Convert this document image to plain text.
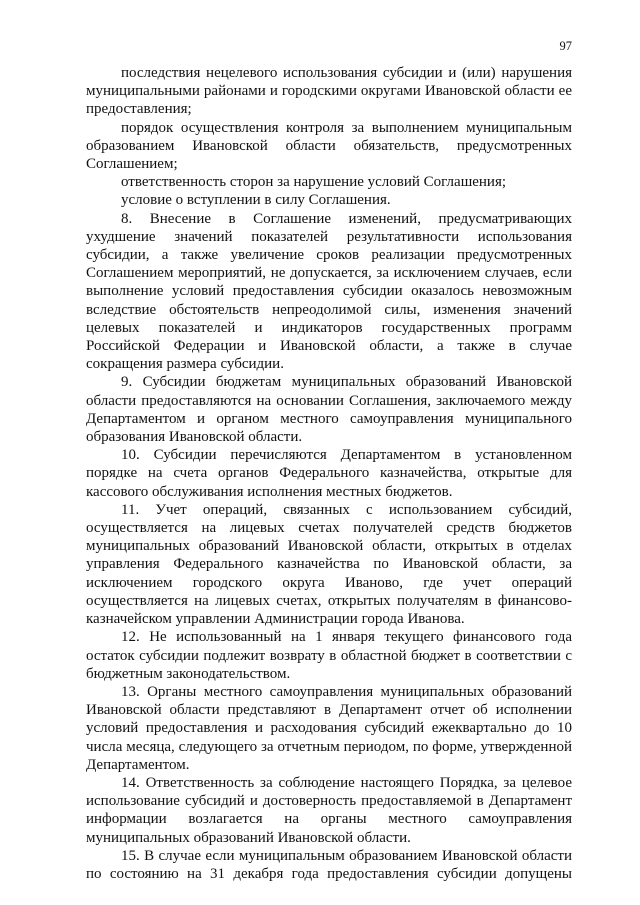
97

последствия нецелевого использования субсидии и (или) нарушения муниципальными районами и городскими округами Ивановской области ее предоставления;

порядок осуществления контроля за выполнением муниципальным образованием Ивановской области обязательств, предусмотренных Соглашением;

ответственность сторон за нарушение условий Соглашения;

условие о вступлении в силу Соглашения.

8. Внесение в Соглашение изменений, предусматривающих ухудшение значений показателей результативности использования субсидии, а также увеличение сроков реализации предусмотренных Соглашением мероприятий, не допускается, за исключением случаев, если выполнение условий предоставления субсидии оказалось невозможным вследствие обстоятельств непреодолимой силы, изменения значений целевых показателей и индикаторов государственных программ Российской Федерации и Ивановской области, а также в случае сокращения размера субсидии.

9. Субсидии бюджетам муниципальных образований Ивановской области предоставляются на основании Соглашения, заключаемого между Департаментом и органом местного самоуправления муниципального образования Ивановской области.

10. Субсидии перечисляются Департаментом в установленном порядке на счета органов Федерального казначейства, открытые для кассового обслуживания исполнения местных бюджетов.

11. Учет операций, связанных с использованием субсидий, осуществляется на лицевых счетах получателей средств бюджетов муниципальных образований Ивановской области, открытых в отделах управления Федерального казначейства по Ивановской области, за исключением городского округа Иваново, где учет операций осуществляется на лицевых счетах, открытых получателям в финансово-казначейском управлении Администрации города Иванова.

12. Не использованный на 1 января текущего финансового года остаток субсидии подлежит возврату в областной бюджет в соответствии с бюджетным законодательством.

13. Органы местного самоуправления муниципальных образований Ивановской области представляют в Департамент отчет об исполнении условий предоставления и расходования субсидий ежеквартально до 10 числа месяца, следующего за отчетным периодом, по форме, утвержденной Департаментом.

14. Ответственность за соблюдение настоящего Порядка, за целевое использование субсидий и достоверность предоставляемой в Департамент информации возлагается на органы местного самоуправления муниципальных образований Ивановской области.

15. В случае если муниципальным образованием Ивановской области по состоянию на 31 декабря года предоставления субсидии допущены
